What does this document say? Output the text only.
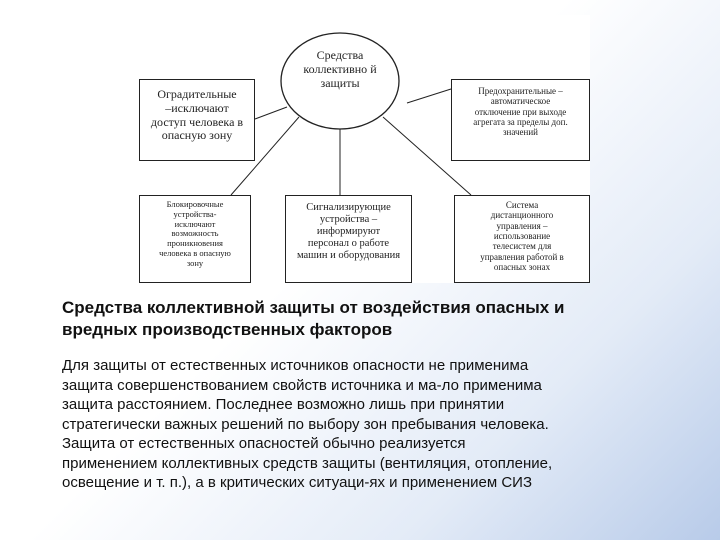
Средства коллективно й защиты
Оградительные
–исключают
доступ человека в
опасную зону
Предохранительные –
автоматическое
отключение при выходе
агрегата за пределы доп.
значений
Блокировочные
устройства-
исключают
возможность
проникновения
человека в опасную
зону
Сигнализирующие
устройства –
информируют
персонал о работе
машин и оборудования
Система
дистанционного
управления –
использование
телесистем для
управления работой в
опасных зонах
Средства коллективной защиты от воздействия опасных и
вредных производственных факторов
Для защиты от естественных источников опасности не применима
защита совершенствованием свойств источника и ма-ло применима
защита расстоянием. Последнее возможно лишь при принятии
стратегически важных решений по выбору зон пребывания человека.
Защита от естественных опасностей обычно реализуется
применением коллективных средств защиты (вентиляция, отопление,
освещение и т. п.), а в критических ситуаци-ях и применением СИЗ
